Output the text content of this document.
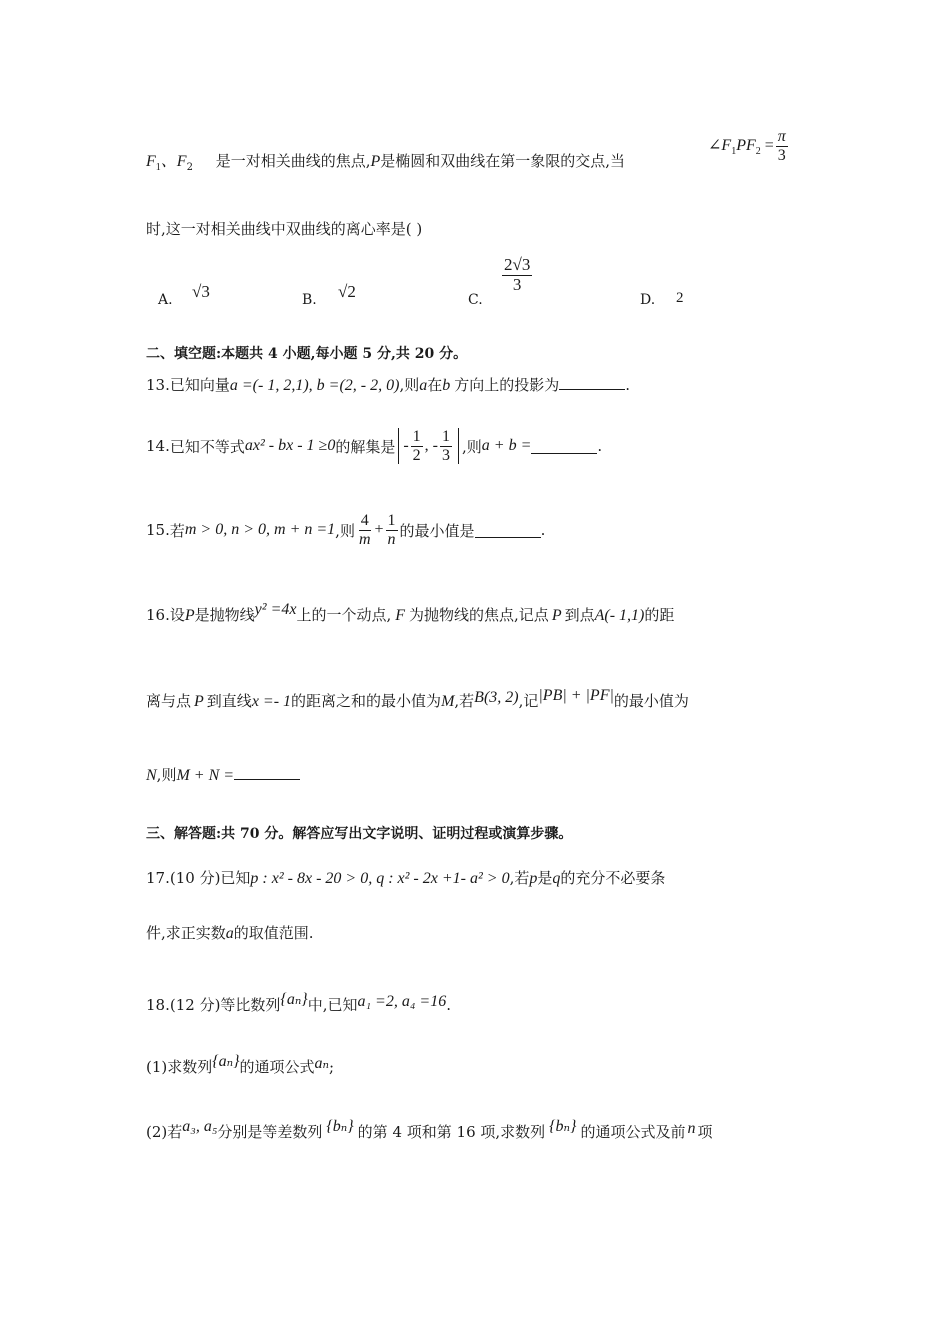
$F_1$、$F_2$ 是一对相关曲线的焦点,P是椭圆和双曲线在第一象限的交点,当
$\angle F_1PF_2 = \frac{\pi}{3}$
时,这一对相关曲线中双曲线的离心率是( )
A. √3	B. √2	C.
$\frac{2√3}{3}$
D. 2
二、填空题:本题共 4 小题,每小题 5 分,共 20 分。
13.已知向量a =(- 1, 2,1), b =(2, - 2, 0),则a在b 方向上的投影为	.
14. 已知不等式 ax² - bx - 1 ≥0 的解集是 - $\frac{1}{2}$ , - $\frac{1}{3}$ ,则 a + b =	.
15. 若 m > 0, n > 0, m + n =1 ,则 $\frac{4}{m} + \frac{1}{n}$ 的最小值是	.
16.设P是抛物线y² =4x上的一个动点, F 为抛物线的焦点,记点 P 到点A(- 1,1)的距
离与点 P 到直线x =- 1的距离之和的最小值为M,若B(3, 2),记|PB| + |PF|的最小值为
N,则M + N =
三、解答题:共 70 分。解答应写出文字说明、证明过程或演算步骤。
17.(10 分)已知p : x² - 8x - 20 > 0, q : x² - 2x +1- a² > 0,若p是q的充分不必要条
件,求正实数a的取值范围.
18.(12 分)等比数列{aₙ}中,已知a₁ =2, a₄ =16.
(1)求数列{aₙ}的通项公式aₙ;
(2)若a₃, a₅分别是等差数列 {bₙ} 的第 4 项和第 16 项,求数列 {bₙ} 的通项公式及前 n 项
